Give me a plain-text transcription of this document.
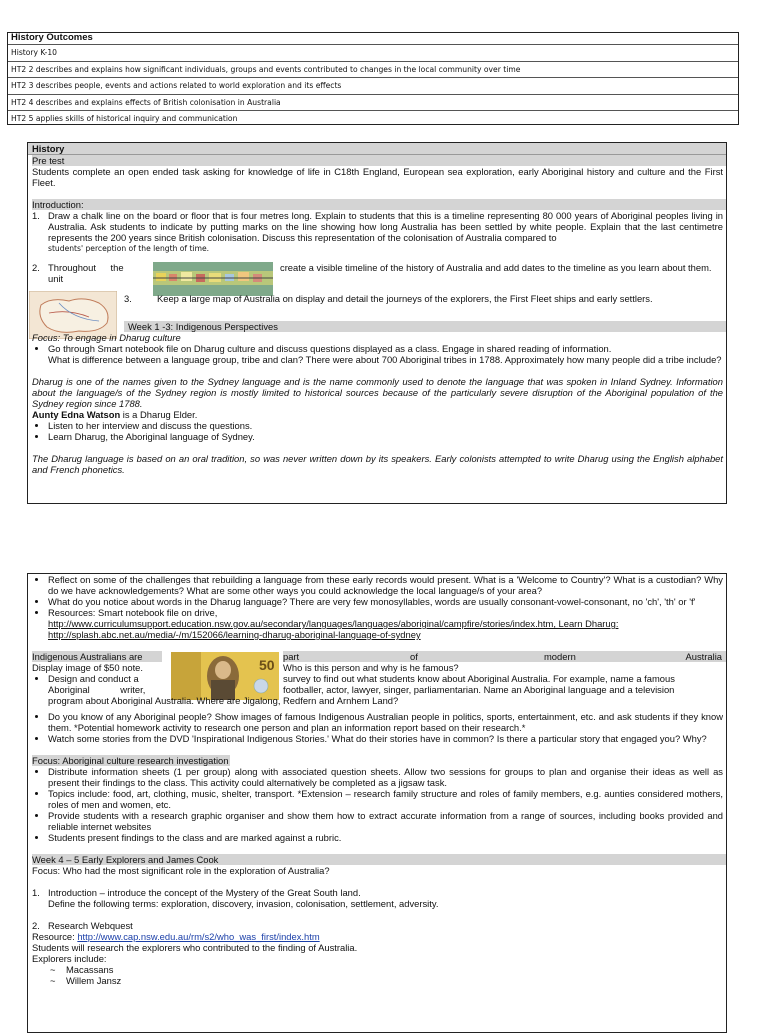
History Outcomes
History K-10
HT2 2 describes and explains how significant individuals, groups and events contributed to changes in the local community over time
HT2 3 describes people, events and actions related to world exploration and its effects
HT2 4 describes and explains effects of British colonisation in Australia
HT2 5 applies skills of historical inquiry and communication
History
Pre test
Students complete an open ended task asking for knowledge of life in C18th England, European sea exploration, early Aboriginal history and culture and the First Fleet.
Introduction:
1. Draw a chalk line on the board or floor that is four metres long. Explain to students that this is a timeline representing 80 000 years of Aboriginal peoples living in Australia. Ask students to indicate by putting marks on the line showing how long Australia has been settled by white people. Explain that the last centimetre represents the 200 years since British colonisation. Discuss this representation of the colonisation of Australia compared to
students' perception of the length of time.
2. Throughout the unit
create a visible timeline of the history of Australia and add dates to the timeline as you learn about them.
3.	Keep a large map of Australia on display and detail the journeys of the explorers, the First Fleet ships and early settlers.
Week 1 -3: Indigenous Perspectives
Focus: To engage in Dharug culture
• Go through Smart notebook file on Dharug culture and discuss questions displayed as a class. Engage in shared reading of information.
What is difference between a language group, tribe and clan? There were about 700 Aboriginal tribes in 1788. Approximately how many people did a tribe include?
Dharug is one of the names given to the Sydney language and is the name commonly used to denote the language that was spoken in Inland Sydney. Information about the language/s of the Sydney region is mostly limited to historical sources because of the particularly severe disruption of the Aboriginal population of the Sydney region since 1788.
Aunty Edna Watson is a Dharug Elder.
• Listen to her interview and discuss the questions.
• Learn Dharug, the Aboriginal language of Sydney.
The Dharug language is based on an oral tradition, so was never written down by its speakers. Early colonists attempted to write Dharug using the English alphabet and French phonetics.
• Reflect on some of the challenges that rebuilding a language from these early records would present. What is a 'Welcome to Country'? What is a custodian? Why do we have acknowledgements? What are some other ways you could acknowledge the local language/s of your area?
• What do you notice about words in the Dharug language? There are very few monosyllables, words are usually consonant-vowel-consonant, no 'ch', 'th' or 'f'
• Resources: Smart notebook file on drive,
http://www.curriculumsupport.education.nsw.gov.au/secondary/languages/languages/aboriginal/campfire/stories/index.htm, Learn Dharug:
http://splash.abc.net.au/media/-/m/152066/learning-dharug-aboriginal-language-of-sydney
Indigenous Australians are
Display image of $50 note.	50
part	of	modern	Australia
Who is this person and why is he famous?
• Design and conduct a
Aboriginal writer,
survey to find out what students know about Aboriginal Australia. For example, name a famous
footballer, actor, lawyer, singer, parliamentarian. Name an Aboriginal language and a television
program about Aboriginal Australia. Where are Jigalong, Redfern and Arnhem Land?
• Do you know of any Aboriginal people? Show images of famous Indigenous Australian people in politics, sports, entertainment, etc. and ask students if they know them. *Potential homework activity to research one person and plan an information report based on their research.*
• Watch some stories from the DVD 'Inspirational Indigenous Stories.' What do their stories have in common? Is there a particular story that engaged you? Why?
Focus: Aboriginal culture research investigation
• Distribute information sheets (1 per group) along with associated question sheets. Allow two sessions for groups to plan and organise their ideas as well as present their findings to the class. This activity could alternatively be completed as a jigsaw task.
• Topics include: food, art, clothing, music, shelter, transport. *Extension – research family structure and roles of family members, e.g. aunties considered mothers, roles of men and women, etc.
• Provide students with a research graphic organiser and show them how to extract accurate information from a range of sources, including books provided and reliable internet websites
• Students present findings to the class and are marked against a rubric.
Week 4 – 5 Early Explorers and James Cook
Focus: Who had the most significant role in the exploration of Australia?
1. Introduction – introduce the concept of the Mystery of the Great South land.
Define the following terms: exploration, discovery, invasion, colonisation, settlement, adversity.
2. Research Webquest
Resource: http://www.cap.nsw.edu.au/rm/s2/who_was_first/index.htm
Students will research the explorers who contributed to the finding of Australia.
Explorers include:
~ Macassans
~ Willem Jansz
